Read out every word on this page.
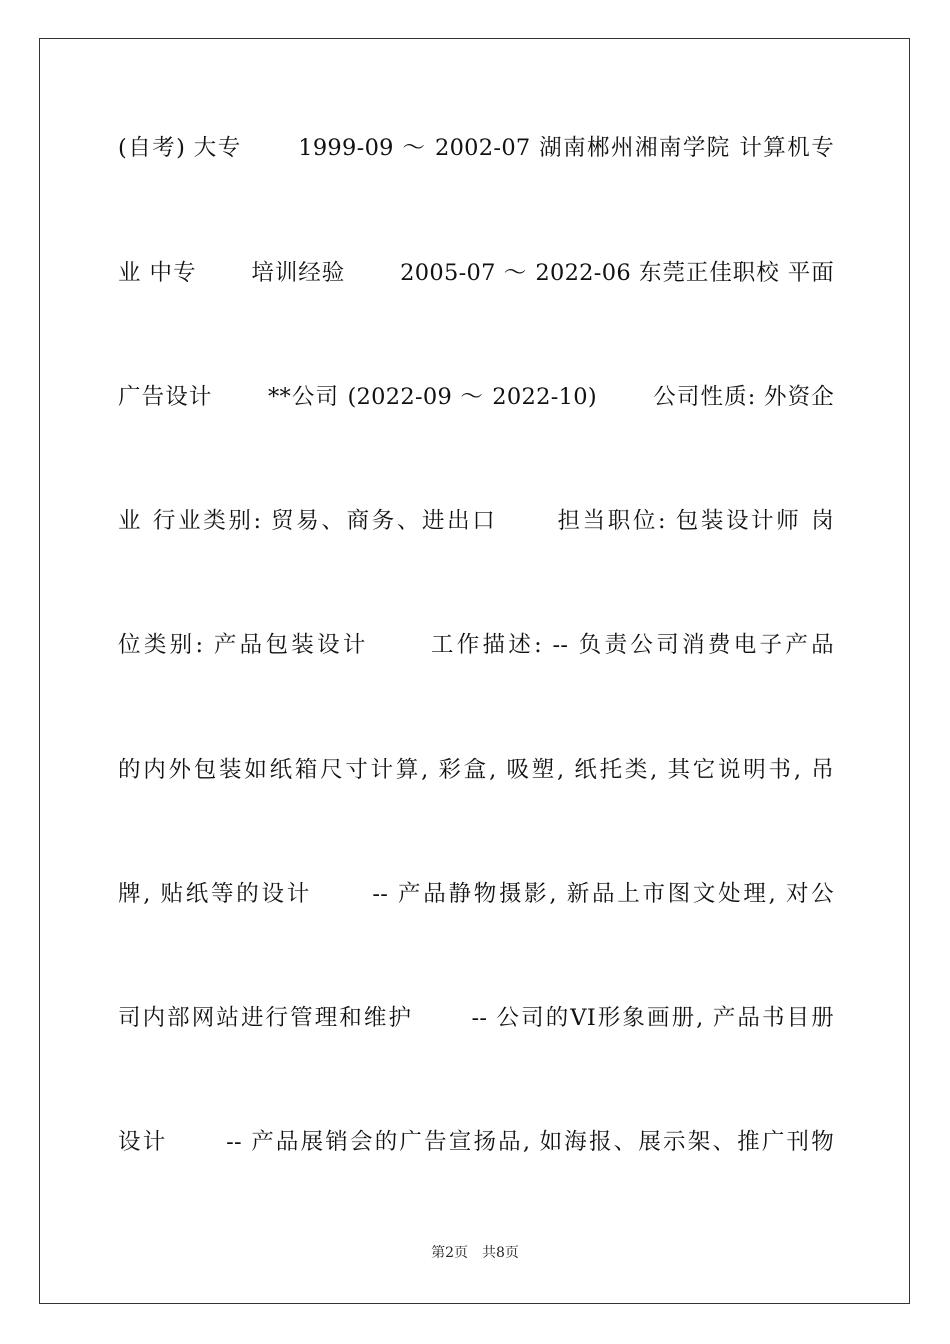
(自考) 大专　　 1999-09 ～ 2002-07 湖南郴州湘南学院 计算机专

业 中专　　 培训经验　　 2005-07 ～ 2022-06 东莞正佳职校 平面

广告设计　　 **公司 (2022-09 ～ 2022-10)　　 公司性质: 外资企

业 行业类别: 贸易、商务、进出口　　 担当职位: 包装设计师 岗

位类别: 产品包装设计　　 工作描述: -- 负责公司消费电子产品

的内外包装如纸箱尺寸计算, 彩盒, 吸塑, 纸托类, 其它说明书, 吊

牌, 贴纸等的设计　　 -- 产品静物摄影, 新品上市图文处理, 对公

司内部网站进行管理和维护　　 -- 公司的VI形象画册, 产品书目册

设计　　 -- 产品展销会的广告宣扬品, 如海报、展示架、推广刊物

第2页　共8页
